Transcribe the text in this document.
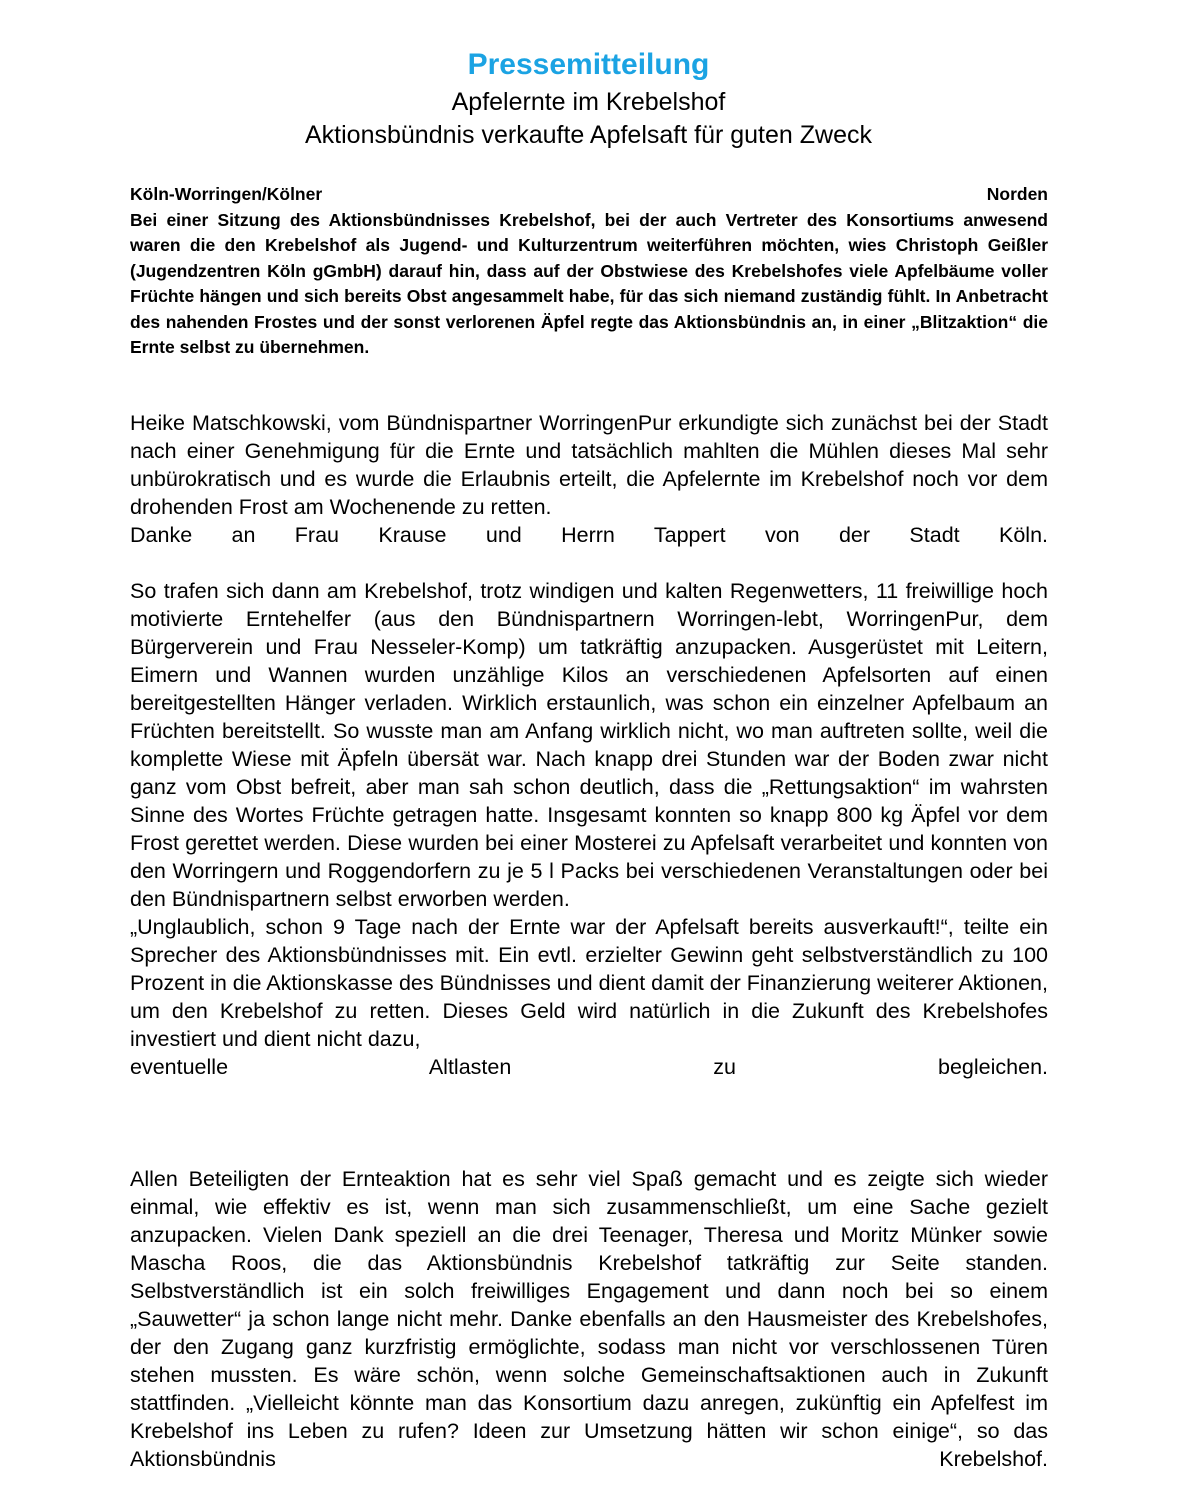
Pressemitteilung
Apfelernte im Krebelshof
Aktionsbündnis verkaufte Apfelsaft für guten Zweck
Köln-Worringen/Kölner	Norden
Bei einer Sitzung des Aktionsbündnisses Krebelshof, bei der auch Vertreter des Konsortiums anwesend waren die den Krebelshof als Jugend- und Kulturzentrum weiterführen möchten, wies Christoph Geißler (Jugendzentren Köln gGmbH) darauf hin, dass auf der Obstwiese des Krebelshofes viele Apfelbäume voller Früchte hängen und sich bereits Obst angesammelt habe, für das sich niemand zuständig fühlt. In Anbetracht des nahenden Frostes und der sonst verlorenen Äpfel regte das Aktionsbündnis an, in einer „Blitzaktion“ die Ernte selbst zu übernehmen.
Heike Matschkowski, vom Bündnispartner WorringenPur erkundigte sich zunächst bei der Stadt nach einer Genehmigung für die Ernte und tatsächlich mahlten die Mühlen dieses Mal sehr unbürokratisch und es wurde die Erlaubnis erteilt, die Apfelernte im Krebelshof noch vor dem drohenden Frost am Wochenende zu retten.
Danke an Frau Krause und Herrn Tappert von der Stadt Köln.
So trafen sich dann am Krebelshof, trotz windigen und kalten Regenwetters, 11 freiwillige hoch motivierte Erntehelfer (aus den Bündnispartnern Worringen-lebt, WorringenPur, dem Bürgerverein und Frau Nesseler-Komp) um tatkräftig anzupacken. Ausgerüstet mit Leitern, Eimern und Wannen wurden unzählige Kilos an verschiedenen Apfelsorten auf einen bereitgestellten Hänger verladen. Wirklich erstaunlich, was schon ein einzelner Apfelbaum an Früchten bereitstellt. So wusste man am Anfang wirklich nicht, wo man auftreten sollte, weil die komplette Wiese mit Äpfeln übersät war. Nach knapp drei Stunden war der Boden zwar nicht ganz vom Obst befreit, aber man sah schon deutlich, dass die „Rettungsaktion“ im wahrsten Sinne des Wortes Früchte getragen hatte. Insgesamt konnten so knapp 800 kg Äpfel vor dem Frost gerettet werden. Diese wurden bei einer Mosterei zu Apfelsaft verarbeitet und konnten von den Worringern und Roggendorfern zu je 5 l Packs bei verschiedenen Veranstaltungen oder bei den Bündnispartnern selbst erworben werden.
„Unglaublich, schon 9 Tage nach der Ernte war der Apfelsaft bereits ausverkauft!“, teilte ein Sprecher des Aktionsbündnisses mit. Ein evtl. erzielter Gewinn geht selbstverständlich zu 100 Prozent in die Aktionskasse des Bündnisses und dient damit der Finanzierung weiterer Aktionen, um den Krebelshof zu retten. Dieses Geld wird natürlich in die Zukunft des Krebelshofes investiert und dient nicht dazu,
eventuelle Altlasten zu begleichen.
Allen Beteiligten der Ernteaktion hat es sehr viel Spaß gemacht und es zeigte sich wieder einmal, wie effektiv es ist, wenn man sich zusammenschließt, um eine Sache gezielt anzupacken. Vielen Dank speziell an die drei Teenager, Theresa und Moritz Münker sowie Mascha Roos, die das Aktionsbündnis Krebelshof tatkräftig zur Seite standen. Selbstverständlich ist ein solch freiwilliges Engagement und dann noch bei so einem „Sauwetter“ ja schon lange nicht mehr. Danke ebenfalls an den Hausmeister des Krebelshofes, der den Zugang ganz kurzfristig ermöglichte, sodass man nicht vor verschlossenen Türen stehen mussten. Es wäre schön, wenn solche Gemeinschaftsaktionen auch in Zukunft stattfinden. „Vielleicht könnte man das Konsortium dazu anregen, zukünftig ein Apfelfest im Krebelshof ins Leben zu rufen? Ideen zur Umsetzung hätten wir schon einige“, so das Aktionsbündnis Krebelshof.
